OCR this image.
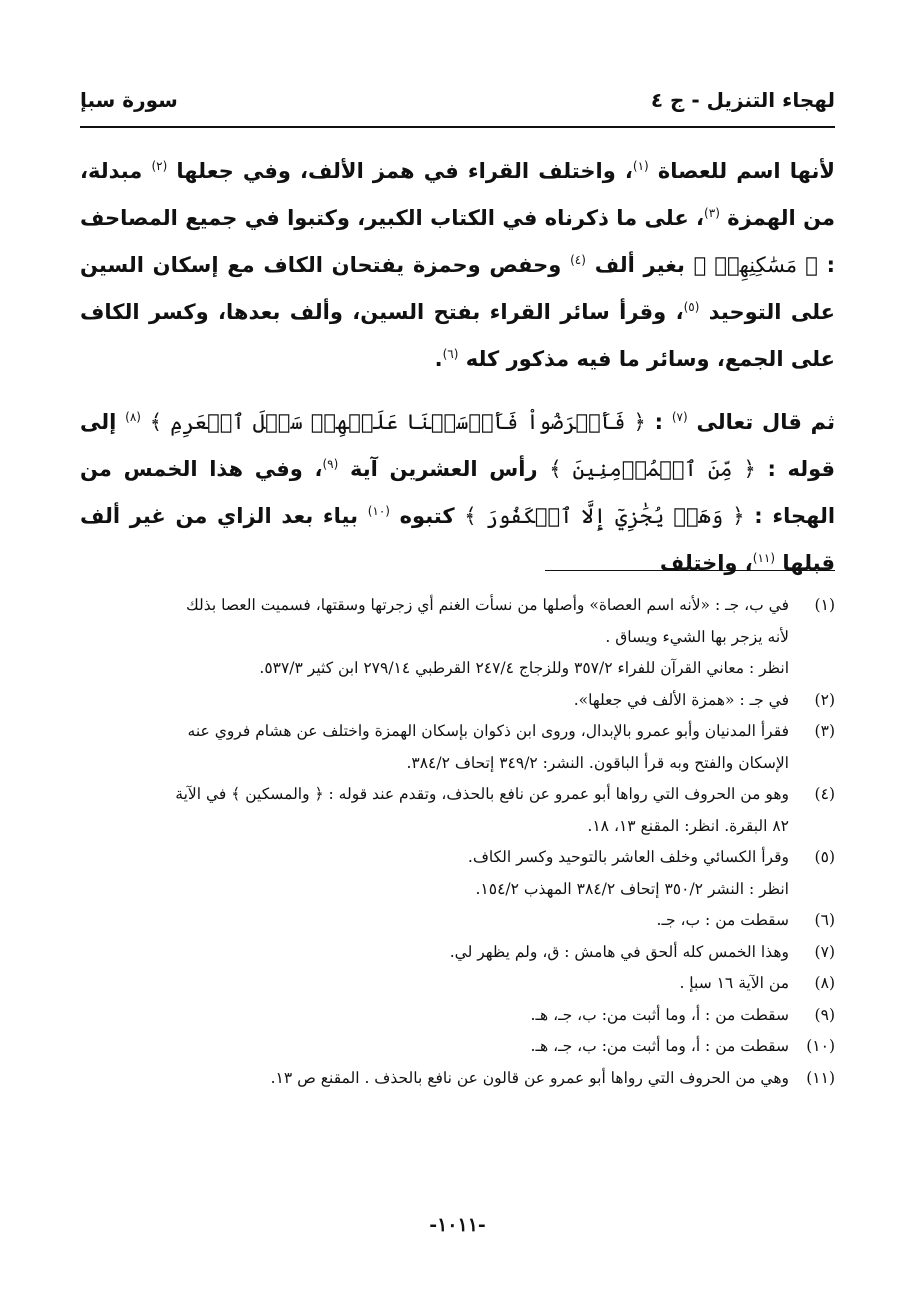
لهجاء التنزيل - ج ٤
سورة سبإ

لأنها اسم للعصاة $^{(١)}$، واختلف القراء في همز الألف، وفي جعلها $^{(٢)}$ مبدلة، من الهمزة $^{(٣)}$، على ما ذكرناه في الكتاب الكبير، وكتبوا في جميع المصاحف : ﴿ مَسَٰكِنِهِمۡ ﴾ بغير ألف $^{(٤)}$ وحفص وحمزة يفتحان الكاف مع إسكان السين على التوحيد $^{(٥)}$، وقرأ سائر القراء بفتح السين، وألف بعدها، وكسر الكاف على الجمع، وسائر ما فيه مذكور كله $^{(٦)}$.

ثم قال تعالى $^{(٧)}$ : ﴿ فَأَعۡرَضُواْ فَأَرۡسَلۡنَا عَلَيۡهِمۡ سَيۡلَ ٱلۡعَرِمِ ﴾ $^{(٨)}$ إلى قوله : ﴿ مِّنَ ٱلۡمُؤۡمِنِينَ ﴾ رأس العشرين آية $^{(٩)}$، وفي هذا الخمس من الهجاء : ﴿ وَهَلۡ يُجَٰزِيٓ إِلَّا ٱلۡكَفُورَ ﴾ كتبوه $^{(١٠)}$ بياء بعد الزاي من غير ألف قبلها $^{(١١)}$، واختلف

(١)
في ب، جـ : «لأنه اسم العصاة» وأصلها من نسأت الغنم أي زجرتها وسقتها، فسميت العصا بذلك
لأنه يزجر بها الشيء ويساق .
انظر : معاني القرآن للفراء ٣٥٧/٢ وللزجاج ٢٤٧/٤ القرطبي ٢٧٩/١٤ ابن كثير ٥٣٧/٣.
(٢)
في جـ : «همزة الألف في جعلها».
(٣)
فقرأ المدنيان وأبو عمرو بالإبدال، وروى ابن ذكوان بإسكان الهمزة واختلف عن هشام فروي عنه
الإسكان والفتح وبه قرأ الباقون. النشر: ٣٤٩/٢ إتحاف ٣٨٤/٢.
(٤)
وهو من الحروف التي رواها أبو عمرو عن نافع بالحذف، وتقدم عند قوله : ﴿ والمسكين ﴾ في الآية
٨٢ البقرة. انظر: المقنع ١٣، ١٨.
(٥)
وقرأ الكسائي وخلف العاشر بالتوحيد وكسر الكاف.
انظر : النشر ٣٥٠/٢ إتحاف ٣٨٤/٢ المهذب ١٥٤/٢.
(٦)
سقطت من : ب، جـ.
(٧)
وهذا الخمس كله ألحق في هامش : ق، ولم يظهر لي.
(٨)
من الآية ١٦ سبإ .
(٩)
سقطت من : أ، وما أثبت من: ب، جـ، هـ.
(١٠)
سقطت من : أ، وما أثبت من: ب، جـ، هـ.
(١١)
وهي من الحروف التي رواها أبو عمرو عن قالون عن نافع بالحذف . المقنع ص ١٣.
-١٠١١-
